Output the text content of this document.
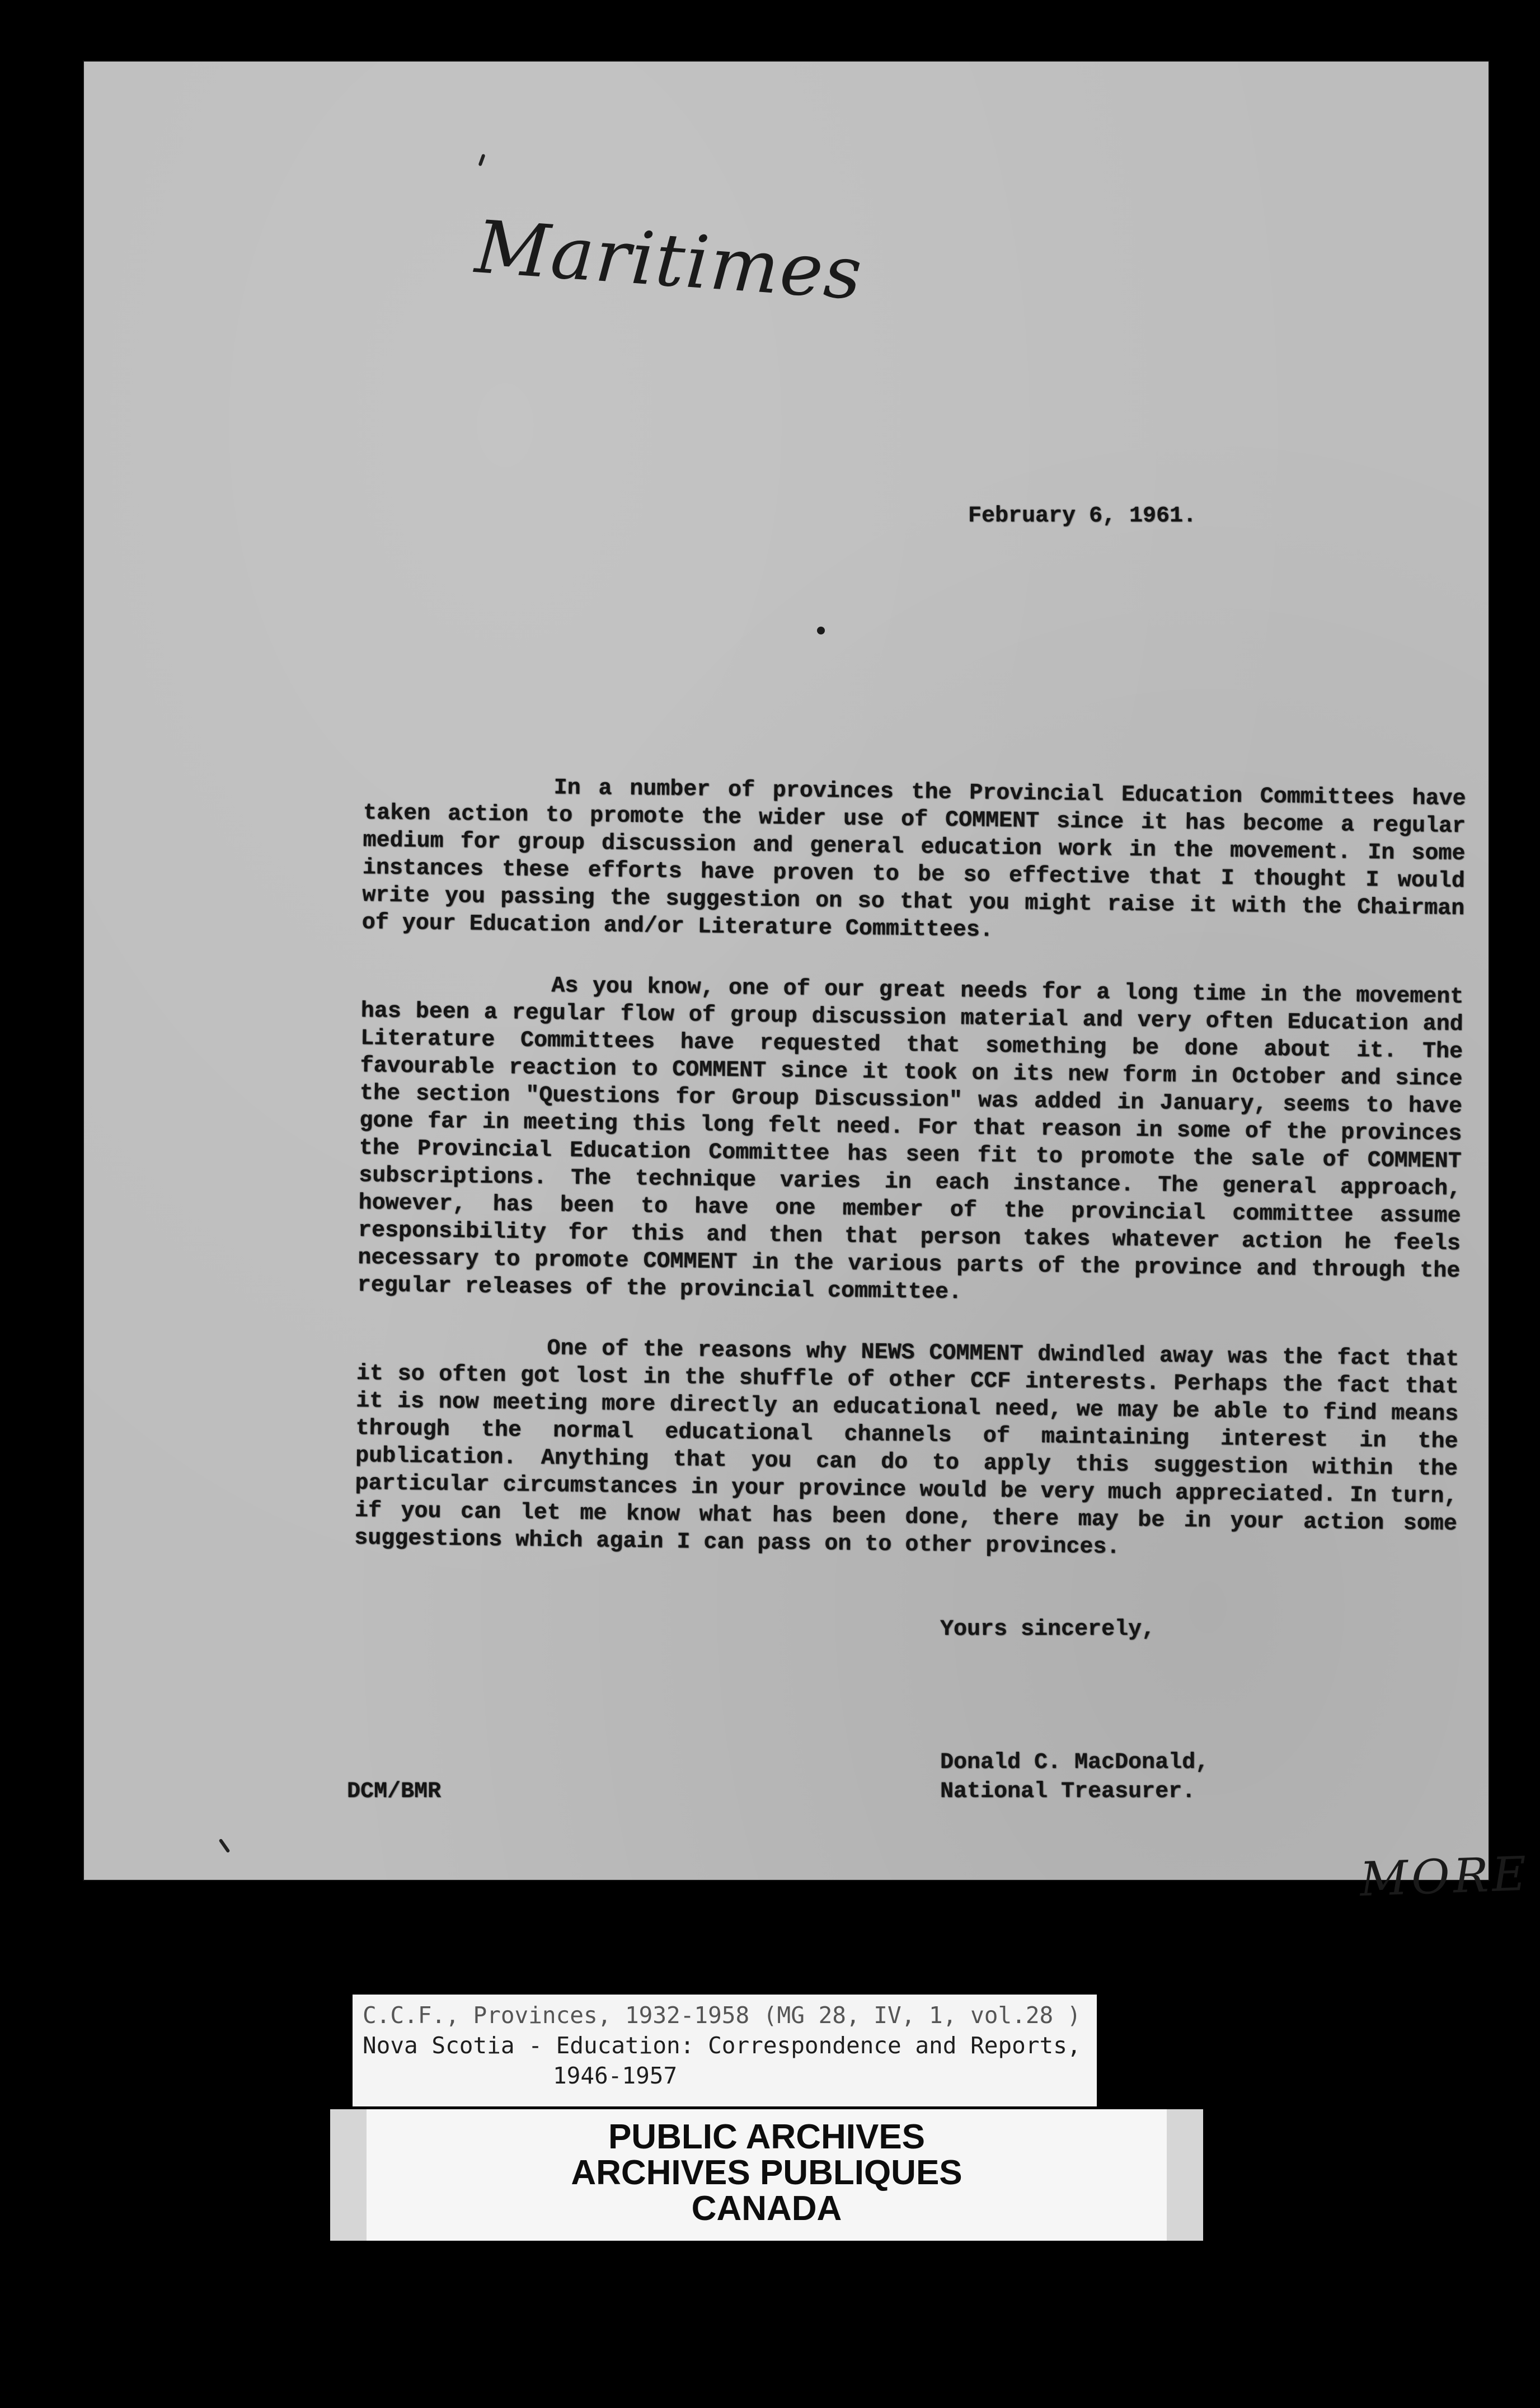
Maritimes
February 6, 1961.

In a number of provinces the Provincial Education Committees have taken action to promote the wider use of COMMENT since it has become a regular medium for group discussion and general education work in the movement. In some instances these efforts have proven to be so effective that I thought I would write you passing the suggestion on so that you might raise it with the Chairman of your Education and/or Literature Committees.

As you know, one of our great needs for a long time in the movement has been a regular flow of group discussion material and very often Education and Literature Committees have requested that something be done about it. The favourable reaction to COMMENT since it took on its new form in October and since the section "Questions for Group Discussion" was added in January, seems to have gone far in meeting this long felt need. For that reason in some of the provinces the Provincial Education Committee has seen fit to promote the sale of COMMENT subscriptions. The technique varies in each instance. The general approach, however, has been to have one member of the provincial committee assume responsibility for this and then that person takes whatever action he feels necessary to promote COMMENT in the various parts of the province and through the regular releases of the provincial committee.

One of the reasons why NEWS COMMENT dwindled away was the fact that it so often got lost in the shuffle of other CCF interests. Perhaps the fact that it is now meeting more directly an educational need, we may be able to find means through the normal educational channels of maintaining interest in the publication. Anything that you can do to apply this suggestion within the particular circumstances in your province would be very much appreciated. In turn, if you can let me know what has been done, there may be in your action some suggestions which again I can pass on to other provinces.

Yours sincerely,
Donald C. MacDonald,
National Treasurer.
DCM/BMR
MORE
C.C.F., Provinces, 1932-1958 (MG 28, IV, 1, vol.28 )
Nova Scotia - Education: Correspondence and Reports,
1946-1957
PUBLIC ARCHIVES
ARCHIVES PUBLIQUES
CANADA
